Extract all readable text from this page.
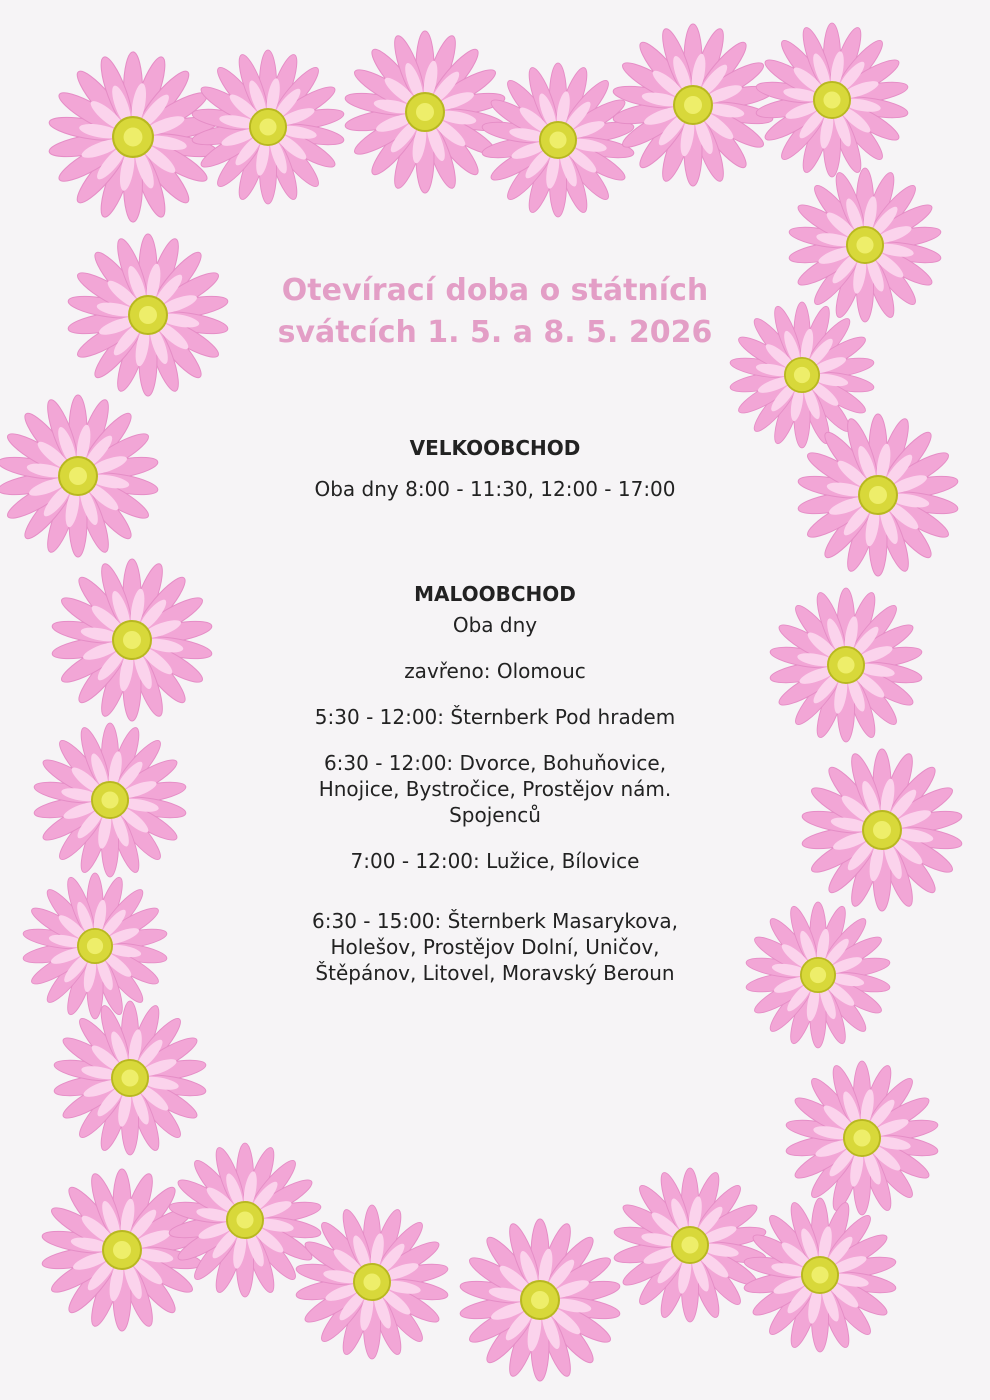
Otevírací doba o státních
svátcích 1. 5. a 8. 5. 2026

VELKOOBCHOD

Oba dny 8:00 - 11:30, 12:00 - 17:00

MALOOBCHOD

Oba dny

zavřeno: Olomouc

5:30 - 12:00: Šternberk Pod hradem

6:30 - 12:00: Dvorce, Bohuňovice,

Hnojice, Bystročice, Prostějov nám.

Spojenců

7:00 - 12:00: Lužice, Bílovice

6:30 - 15:00: Šternberk Masarykova,

Holešov, Prostějov Dolní, Uničov,

Štěpánov, Litovel, Moravský Beroun
